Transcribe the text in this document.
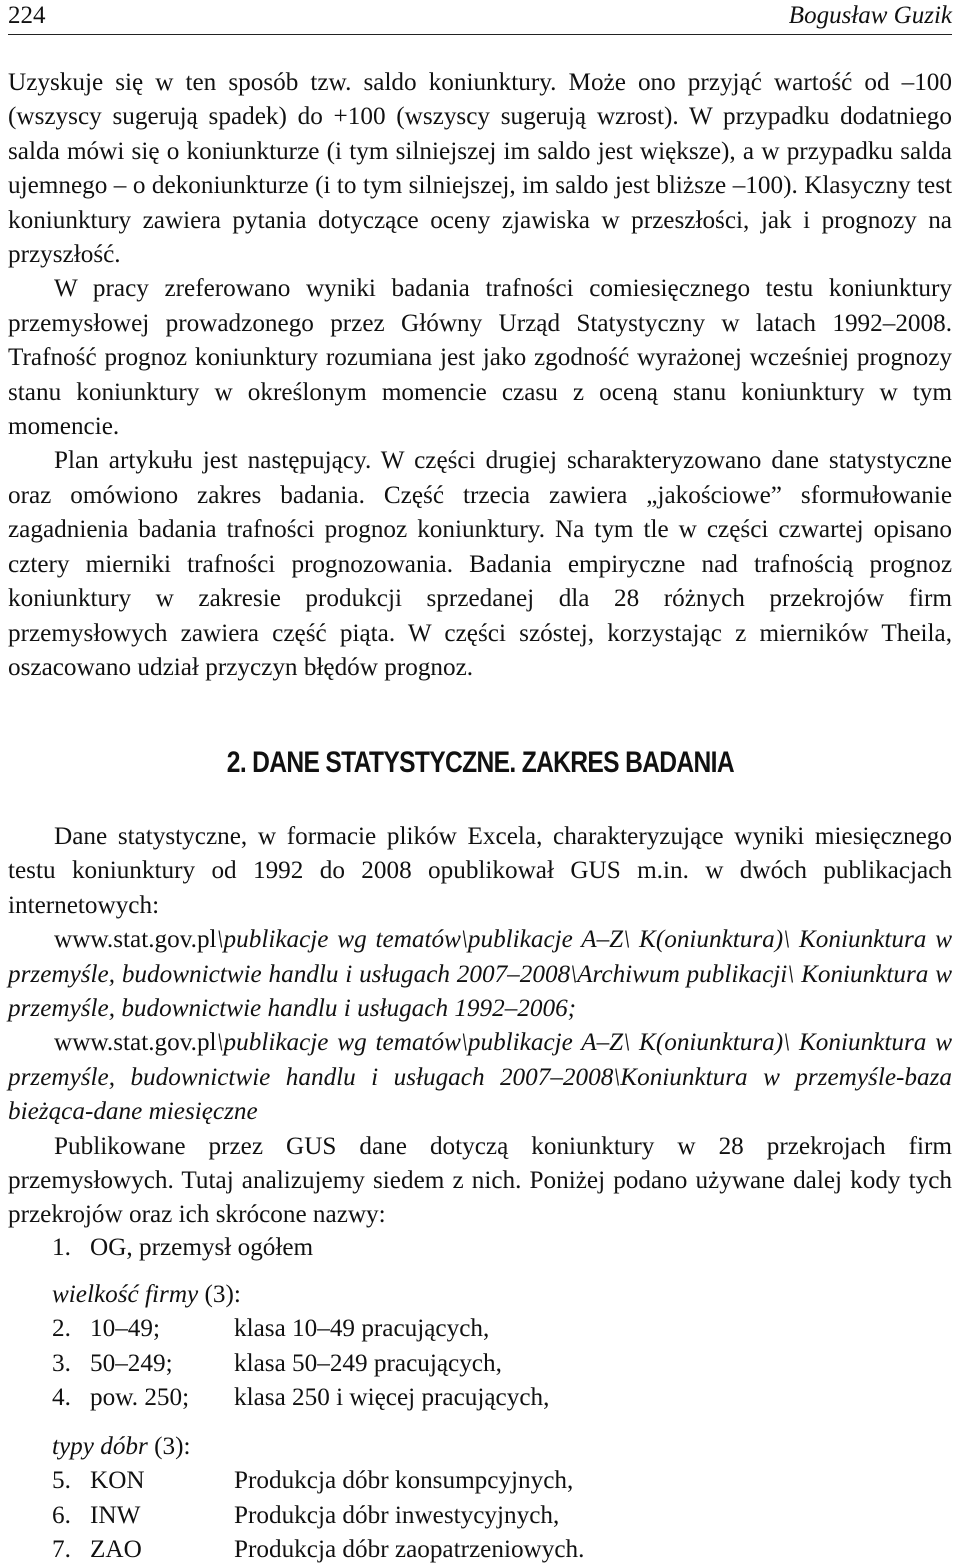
224	Bogusław Guzik

Uzyskuje się w ten sposób tzw. saldo koniunktury. Może ono przyjąć wartość od –100 (wszyscy sugerują spadek) do +100 (wszyscy sugerują wzrost). W przypadku dodatniego salda mówi się o koniunkturze (i tym silniejszej im saldo jest większe), a w przypadku salda ujemnego – o dekoniunkturze (i to tym silniejszej, im saldo jest bliższe –100). Klasyczny test koniunktury zawiera pytania dotyczące oceny zjawiska w przeszłości, jak i prognozy na przyszłość.

W pracy zreferowano wyniki badania trafności comiesięcznego testu koniunktury przemysłowej prowadzonego przez Główny Urząd Statystyczny w latach 1992–2008. Trafność prognoz koniunktury rozumiana jest jako zgodność wyrażonej wcześniej prognozy stanu koniunktury w określonym momencie czasu z oceną stanu koniunktury w tym momencie.

Plan artykułu jest następujący. W części drugiej scharakteryzowano dane statystyczne oraz omówiono zakres badania. Część trzecia zawiera „jakościowe” sformułowanie zagadnienia badania trafności prognoz koniunktury. Na tym tle w części czwartej opisano cztery mierniki trafności prognozowania. Badania empiryczne nad trafnością prognoz koniunktury w zakresie produkcji sprzedanej dla 28 różnych przekrojów firm przemysłowych zawiera część piąta. W części szóstej, korzystając z mierników Theila, oszacowano udział przyczyn błędów prognoz.

2. DANE STATYSTYCZNE. ZAKRES BADANIA

Dane statystyczne, w formacie plików Excela, charakteryzujące wyniki miesięcznego testu koniunktury od 1992 do 2008 opublikował GUS m.in. w dwóch publikacjach internetowych:

www.stat.gov.pl\publikacje wg tematów\publikacje A–Z\ K(oniunktura)\ Koniunktura w przemyśle, budownictwie handlu i usługach 2007–2008\Archiwum publikacji\ Koniunktura w przemyśle, budownictwie handlu i usługach 1992–2006;

www.stat.gov.pl\publikacje wg tematów\publikacje A–Z\ K(oniunktura)\ Koniunktura w przemyśle, budownictwie handlu i usługach 2007–2008\Koniunktura w przemyśle-baza bieżąca-dane miesięczne

Publikowane przez GUS dane dotyczą koniunktury w 28 przekrojach firm przemysłowych. Tutaj analizujemy siedem z nich. Poniżej podano używane dalej kody tych przekrojów oraz ich skrócone nazwy:

1. OG, przemysł ogółem
wielkość firmy (3):
2. 10–49;	klasa 10–49 pracujących,
3. 50–249; klasa 50–249 pracujących,
4. pow. 250; klasa 250 i więcej pracujących,
typy dóbr (3):
5. KON	Produkcja dóbr konsumpcyjnych,
6. INW	Produkcja dóbr inwestycyjnych,
7. ZAO	Produkcja dóbr zaopatrzeniowych.
